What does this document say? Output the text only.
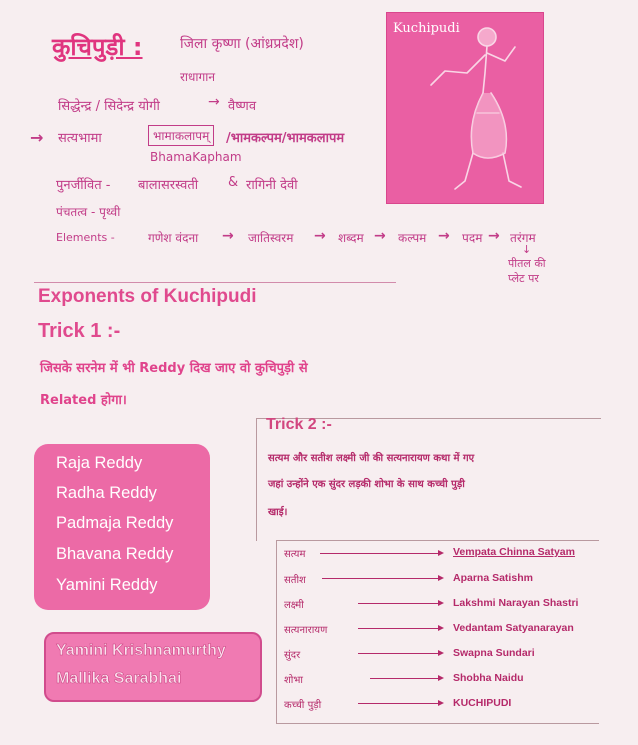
कुचिपुड़ी :	जिला कृष्णा (आंध्रप्रदेश)
राधागान
सिद्धेन्द्र / सिदेन्द्र योगी	→ वैष्णव
→ सत्यभामा	भामाकलापम्	/भामकल्पम/भामकलापम
BhamaKapham
पुनर्जीवित - बालासरस्वती & रागिनी देवी
पंचतत्व - पृथ्वी
Elements -	गणेश वंदना → जातिस्वरम → शब्दम → कल्पम → पदम → तरंगम
↓
पीतल की
प्लेट पर
Kuchipudi
Exponents of Kuchipudi
Trick 1 :-
जिसके सरनेम में भी Reddy दिख जाए वो कुचिपुड़ी से
Related होगा।
Raja Reddy
Radha Reddy
Padmaja Reddy
Bhavana Reddy
Yamini Reddy
Yamini Krishnamurthy
Mallika Sarabhai
Trick 2 :-
सत्यम और सतीश लक्ष्मी जी की सत्यनारायण कथा में गए
जहां उन्होंने एक सुंदर लड़की शोभा के साथ कच्ची पुड़ी
खाई।
सत्यम	Vempata Chinna Satyam
सतीश	Aparna Satishm
लक्ष्मी	Lakshmi Narayan Shastri
सत्यनारायण	Vedantam Satyanarayan
सुंदर	Swapna Sundari
शोभा	Shobha Naidu
कच्ची पुड़ी	KUCHIPUDI
